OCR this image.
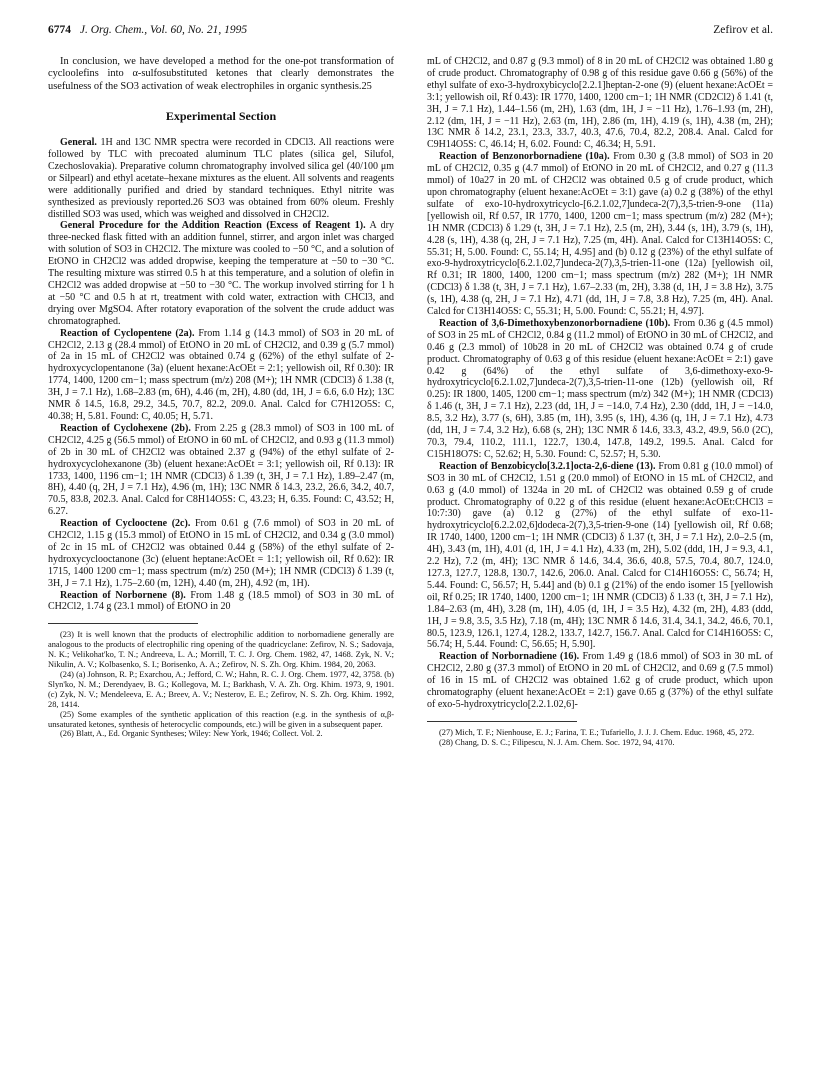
6774 J. Org. Chem., Vol. 60, No. 21, 1995	Zefirov et al.

In conclusion, we have developed a method for the one-pot transformation of cycloolefins into α-sulfosubstituted ketones that clearly demonstrates the usefulness of the SO3 activation of weak electrophiles in organic synthesis.25

Experimental Section

General. 1H and 13C NMR spectra were recorded in CDCl3. All reactions were followed by TLC with precoated aluminum TLC plates (silica gel, Silufol, Czechoslovakia). Preparative column chromatography involved silica gel (40/100 μm or Silpearl) and ethyl acetate–hexane mixtures as the eluent. All solvents and reagents were additionally purified and dried by standard techniques. Ethyl nitrite was synthesized as previously reported.26 SO3 was obtained from 60% oleum. Freshly distilled SO3 was used, which was weighed and dissolved in CH2Cl2.

General Procedure for the Addition Reaction (Excess of Reagent 1). A dry three-necked flask fitted with an addition funnel, stirrer, and argon inlet was charged with solution of SO3 in CH2Cl2. The mixture was cooled to −50 °C, and a solution of EtONO in CH2Cl2 was added dropwise, keeping the temperature at −50 to −30 °C. The resulting mixture was stirred 0.5 h at this temperature, and a solution of olefin in CH2Cl2 was added dropwise at −50 to −30 °C. The workup involved stirring for 1 h at −50 °C and 0.5 h at rt, treatment with cold water, extraction with CHCl3, and drying over MgSO4. After rotatory evaporation of the solvent the crude adduct was chromatographed.

Reaction of Cyclopentene (2a). From 1.14 g (14.3 mmol) of SO3 in 20 mL of CH2Cl2, 2.13 g (28.4 mmol) of EtONO in 20 mL of CH2Cl2, and 0.39 g (5.7 mmol) of 2a in 15 mL of CH2Cl2 was obtained 0.74 g (62%) of the ethyl sulfate of 2-hydroxycyclopentanone (3a) (eluent hexane:AcOEt = 2:1; yellowish oil, Rf 0.30): IR 1774, 1400, 1200 cm−1; mass spectrum (m/z) 208 (M+); 1H NMR (CDCl3) δ 1.38 (t, 3H, J = 7.1 Hz), 1.68–2.83 (m, 6H), 4.46 (m, 2H), 4.80 (dd, 1H, J = 6.6, 6.0 Hz); 13C NMR δ 14.5, 16.8, 29.2, 34.5, 70.7, 82.2, 209.0. Anal. Calcd for C7H12O5S: C, 40.38; H, 5.81. Found: C, 40.05; H, 5.71.

Reaction of Cyclohexene (2b). From 2.25 g (28.3 mmol) of SO3 in 100 mL of CH2Cl2, 4.25 g (56.5 mmol) of EtONO in 60 mL of CH2Cl2, and 0.93 g (11.3 mmol) of 2b in 30 mL of CH2Cl2 was obtained 2.37 g (94%) of the ethyl sulfate of 2-hydroxycyclohexanone (3b) (eluent hexane:AcOEt = 3:1; yellowish oil, Rf 0.13): IR 1733, 1400, 1196 cm−1; 1H NMR (CDCl3) δ 1.39 (t, 3H, J = 7.1 Hz), 1.89–2.47 (m, 8H), 4.40 (q, 2H, J = 7.1 Hz), 4.96 (m, 1H); 13C NMR δ 14.3, 23.2, 26.6, 34.2, 40.7, 70.5, 83.8, 202.3. Anal. Calcd for C8H14O5S: C, 43.23; H, 6.35. Found: C, 43.52; H, 6.27.

Reaction of Cyclooctene (2c). From 0.61 g (7.6 mmol) of SO3 in 20 mL of CH2Cl2, 1.15 g (15.3 mmol) of EtONO in 15 mL of CH2Cl2, and 0.34 g (3.0 mmol) of 2c in 15 mL of CH2Cl2 was obtained 0.44 g (58%) of the ethyl sulfate of 2-hydroxycyclooctanone (3c) (eluent heptane:AcOEt = 1:1; yellowish oil, Rf 0.62): IR 1715, 1400 1200 cm−1; mass spectrum (m/z) 250 (M+); 1H NMR (CDCl3) δ 1.39 (t, 3H, J = 7.1 Hz), 1.75–2.60 (m, 12H), 4.40 (m, 2H), 4.92 (m, 1H).

Reaction of Norbornene (8). From 1.48 g (18.5 mmol) of SO3 in 30 mL of CH2Cl2, 1.74 g (23.1 mmol) of EtONO in 20

(23) It is well known that the products of electrophilic addition to norbornadiene generally are analogous to the products of electrophilic ring opening of the quadricyclane: Zefirov, N. S.; Sadovaja, N. K.; Velikohat'ko, T. N.; Andreeva, L. A.; Morrill, T. C. J. Org. Chem. 1982, 47, 1468. Zyk, N. V.; Nikulin, A. V.; Kolbasenko, S. I.; Borisenko, A. A.; Zefirov, N. S. Zh. Org. Khim. 1984, 20, 2063.

(24) (a) Johnson, R. P.; Exarchou, A.; Jefford, C. W.; Hahn, R. C. J. Org. Chem. 1977, 42, 3758. (b) Slyn'ko, N. M.; Derendyaev, B. G.; Kollegova, M. I.; Barkhash, V. A. Zh. Org. Khim. 1973, 9, 1901. (c) Zyk, N. V.; Mendeleeva, E. A.; Breev, A. V.; Nesterov, E. E.; Zefirov, N. S. Zh. Org. Khim. 1992, 28, 1414.

(25) Some examples of the synthetic application of this reaction (e.g. in the synthesis of α,β-unsaturated ketones, synthesis of heterocyclic compounds, etc.) will be given in a subsequent paper.

(26) Blatt, A., Ed. Organic Syntheses; Wiley: New York, 1946; Collect. Vol. 2.

mL of CH2Cl2, and 0.87 g (9.3 mmol) of 8 in 20 mL of CH2Cl2 was obtained 1.80 g of crude product. Chromatography of 0.98 g of this residue gave 0.66 g (56%) of the ethyl sulfate of exo-3-hydroxybicyclo[2.2.1]heptan-2-one (9) (eluent hexane:AcOEt = 3:1; yellowish oil, Rf 0.43): IR 1770, 1400, 1200 cm−1; 1H NMR (CD2Cl2) δ 1.41 (t, 3H, J = 7.1 Hz), 1.44–1.56 (m, 2H), 1.63 (dm, 1H, J = −11 Hz), 1.76–1.93 (m, 2H), 2.12 (dm, 1H, J = −11 Hz), 2.63 (m, 1H), 2.86 (m, 1H), 4.19 (s, 1H), 4.38 (m, 2H); 13C NMR δ 14.2, 23.1, 23.3, 33.7, 40.3, 47.6, 70.4, 82.2, 208.4. Anal. Calcd for C9H14O5S: C, 46.14; H, 6.02. Found: C, 46.34; H, 5.91.

Reaction of Benzonorbornadiene (10a). From 0.30 g (3.8 mmol) of SO3 in 20 mL of CH2Cl2, 0.35 g (4.7 mmol) of EtONO in 20 mL of CH2Cl2, and 0.27 g (11.3 mmol) of 10a27 in 20 mL of CH2Cl2 was obtained 0.5 g of crude product, which upon chromatography (eluent hexane:AcOEt = 3:1) gave (a) 0.2 g (38%) of the ethyl sulfate of exo-10-hydroxytricyclo-[6.2.1.02,7]undeca-2(7),3,5-trien-9-one (11a) [yellowish oil, Rf 0.57, IR 1770, 1400, 1200 cm−1; mass spectrum (m/z) 282 (M+); 1H NMR (CDCl3) δ 1.29 (t, 3H, J = 7.1 Hz), 2.5 (m, 2H), 3.44 (s, 1H), 3.79 (s, 1H), 4.28 (s, 1H), 4.38 (q, 2H, J = 7.1 Hz), 7.25 (m, 4H). Anal. Calcd for C13H14O5S: C, 55.31; H, 5.00. Found: C, 55.14; H, 4.95] and (b) 0.12 g (23%) of the ethyl sulfate of exo-9-hydroxytricyclo[6.2.1.02,7]undeca-2(7),3,5-trien-11-one (12a) [yellowish oil, Rf 0.31; IR 1800, 1400, 1200 cm−1; mass spectrum (m/z) 282 (M+); 1H NMR (CDCl3) δ 1.38 (t, 3H, J = 7.1 Hz), 1.67–2.33 (m, 2H), 3.38 (d, 1H, J = 3.8 Hz), 3.75 (s, 1H), 4.38 (q, 2H, J = 7.1 Hz), 4.71 (dd, 1H, J = 7.8, 3.8 Hz), 7.25 (m, 4H). Anal. Calcd for C13H14O5S: C, 55.31; H, 5.00. Found: C, 55.21; H, 4.97].

Reaction of 3,6-Dimethoxybenzonorbornadiene (10b). From 0.36 g (4.5 mmol) of SO3 in 25 mL of CH2Cl2, 0.84 g (11.2 mmol) of EtONO in 30 mL of CH2Cl2, and 0.46 g (2.3 mmol) of 10b28 in 20 mL of CH2Cl2 was obtained 0.74 g of crude product. Chromatography of 0.63 g of this residue (eluent hexane:AcOEt = 2:1) gave 0.42 g (64%) of the ethyl sulfate of 3,6-dimethoxy-exo-9-hydroxytricyclo[6.2.1.02,7]undeca-2(7),3,5-trien-11-one (12b) (yellowish oil, Rf 0.25): IR 1800, 1405, 1200 cm−1; mass spectrum (m/z) 342 (M+); 1H NMR (CDCl3) δ 1.46 (t, 3H, J = 7.1 Hz), 2.23 (dd, 1H, J = −14.0, 7.4 Hz), 2.30 (ddd, 1H, J = −14.0, 8.5, 3.2 Hz), 3.77 (s, 6H), 3.85 (m, 1H), 3.95 (s, 1H), 4.36 (q, 1H, J = 7.1 Hz), 4.73 (dd, 1H, J = 7.4, 3.2 Hz), 6.68 (s, 2H); 13C NMR δ 14.6, 33.3, 43.2, 49.9, 56.0 (2C), 70.3, 79.4, 110.2, 111.1, 122.7, 130.4, 147.8, 149.2, 199.5. Anal. Calcd for C15H18O7S: C, 52.62; H, 5.30. Found: C, 52.57; H, 5.30.

Reaction of Benzobicyclo[3.2.1]octa-2,6-diene (13). From 0.81 g (10.0 mmol) of SO3 in 30 mL of CH2Cl2, 1.51 g (20.0 mmol) of EtONO in 15 mL of CH2Cl2, and 0.63 g (4.0 mmol) of 1324a in 20 mL of CH2Cl2 was obtained 0.59 g of crude product. Chromatography of 0.22 g of this residue (eluent hexane:AcOEt:CHCl3 = 10:7:30) gave (a) 0.12 g (27%) of the ethyl sulfate of exo-11-hydroxytricyclo[6.2.2.02,6]dodeca-2(7),3,5-trien-9-one (14) [yellowish oil, Rf 0.68; IR 1740, 1400, 1200 cm−1; 1H NMR (CDCl3) δ 1.37 (t, 3H, J = 7.1 Hz), 2.0–2.5 (m, 4H), 3.43 (m, 1H), 4.01 (d, 1H, J = 4.1 Hz), 4.33 (m, 2H), 5.02 (ddd, 1H, J = 9.3, 4.1, 2.2 Hz), 7.2 (m, 4H); 13C NMR δ 14.6, 34.4, 36.6, 40.8, 57.5, 70.4, 80.7, 124.0, 127.3, 127.7, 128.8, 130.7, 142.6, 206.0. Anal. Calcd for C14H16O5S: C, 56.74; H, 5.44. Found: C, 56.57; H, 5.44] and (b) 0.1 g (21%) of the endo isomer 15 [yellowish oil, Rf 0.25; IR 1740, 1400, 1200 cm−1; 1H NMR (CDCl3) δ 1.33 (t, 3H, J = 7.1 Hz), 1.84–2.63 (m, 4H), 3.28 (m, 1H), 4.05 (d, 1H, J = 3.5 Hz), 4.32 (m, 2H), 4.83 (ddd, 1H, J = 9.8, 3.5, 3.5 Hz), 7.18 (m, 4H); 13C NMR δ 14.6, 31.4, 34.1, 34.2, 46.6, 70.1, 80.5, 123.9, 126.1, 127.4, 128.2, 133.7, 142.7, 156.7. Anal. Calcd for C14H16O5S: C, 56.74; H, 5.44. Found: C, 56.65; H, 5.90].

Reaction of Norbornadiene (16). From 1.49 g (18.6 mmol) of SO3 in 30 mL of CH2Cl2, 2.80 g (37.3 mmol) of EtONO in 20 mL of CH2Cl2, and 0.69 g (7.5 mmol) of 16 in 15 mL of CH2Cl2 was obtained 1.62 g of crude product, which upon chromatography (eluent hexane:AcOEt = 2:1) gave 0.65 g (37%) of the ethyl sulfate of exo-5-hydroxytricyclo[2.2.1.02,6]-

(27) Mich, T. F.; Nienhouse, E. J.; Farina, T. E.; Tufariello, J. J. J. Chem. Educ. 1968, 45, 272.

(28) Chang, D. S. C.; Filipescu, N. J. Am. Chem. Soc. 1972, 94, 4170.
